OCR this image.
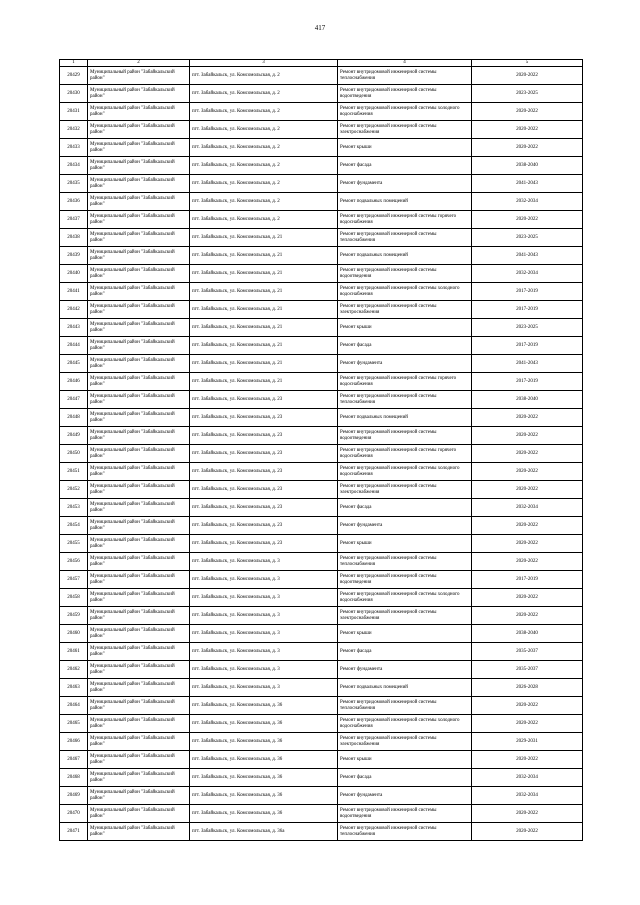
417
1	2	3	4	5
20429	Муниципальный район "Забайкальский район"	пгт. Забайкальск, ул. Комсомольская, д. 2	Ремонт внутридомовой инженерной системы теплоснабжения	2020-2022
20430	Муниципальный район "Забайкальский район"	пгт. Забайкальск, ул. Комсомольская, д. 2	Ремонт внутридомовой инженерной системы водоотведения	2023-2025
20431	Муниципальный район "Забайкальский район"	пгт. Забайкальск, ул. Комсомольская, д. 2	Ремонт внутридомовой инженерной системы холодного водоснабжения	2020-2022
20432	Муниципальный район "Забайкальский район"	пгт. Забайкальск, ул. Комсомольская, д. 2	Ремонт внутридомовой инженерной системы электроснабжения	2020-2022
20433	Муниципальный район "Забайкальский район"	пгт. Забайкальск, ул. Комсомольская, д. 2	Ремонт крыши	2020-2022
20434	Муниципальный район "Забайкальский район"	пгт. Забайкальск, ул. Комсомольская, д. 2	Ремонт фасада	2038-2040
20435	Муниципальный район "Забайкальский район"	пгт. Забайкальск, ул. Комсомольская, д. 2	Ремонт фундамента	2041-2043
20436	Муниципальный район "Забайкальский район"	пгт. Забайкальск, ул. Комсомольская, д. 2	Ремонт подвальных помещений	2032-2034
20437	Муниципальный район "Забайкальский район"	пгт. Забайкальск, ул. Комсомольская, д. 2	Ремонт внутридомовой инженерной системы горячего водоснабжения	2020-2022
20438	Муниципальный район "Забайкальский район"	пгт. Забайкальск, ул. Комсомольская, д. 21	Ремонт внутридомовой инженерной системы теплоснабжения	2023-2025
20439	Муниципальный район "Забайкальский район"	пгт. Забайкальск, ул. Комсомольская, д. 21	Ремонт подвальных помещений	2041-2043
20440	Муниципальный район "Забайкальский район"	пгт. Забайкальск, ул. Комсомольская, д. 21	Ремонт внутридомовой инженерной системы водоотведения	2032-2034
20441	Муниципальный район "Забайкальский район"	пгт. Забайкальск, ул. Комсомольская, д. 21	Ремонт внутридомовой инженерной системы холодного водоснабжения	2017-2019
20442	Муниципальный район "Забайкальский район"	пгт. Забайкальск, ул. Комсомольская, д. 21	Ремонт внутридомовой инженерной системы электроснабжения	2017-2019
20443	Муниципальный район "Забайкальский район"	пгт. Забайкальск, ул. Комсомольская, д. 21	Ремонт крыши	2023-2025
20444	Муниципальный район "Забайкальский район"	пгт. Забайкальск, ул. Комсомольская, д. 21	Ремонт фасада	2017-2019
20445	Муниципальный район "Забайкальский район"	пгт. Забайкальск, ул. Комсомольская, д. 21	Ремонт фундамента	2041-2043
20446	Муниципальный район "Забайкальский район"	пгт. Забайкальск, ул. Комсомольская, д. 21	Ремонт внутридомовой инженерной системы горячего водоснабжения	2017-2019
20447	Муниципальный район "Забайкальский район"	пгт. Забайкальск, ул. Комсомольская, д. 23	Ремонт внутридомовой инженерной системы теплоснабжения	2038-2040
20448	Муниципальный район "Забайкальский район"	пгт. Забайкальск, ул. Комсомольская, д. 23	Ремонт подвальных помещений	2020-2022
20449	Муниципальный район "Забайкальский район"	пгт. Забайкальск, ул. Комсомольская, д. 23	Ремонт внутридомовой инженерной системы водоотведения	2020-2022
20450	Муниципальный район "Забайкальский район"	пгт. Забайкальск, ул. Комсомольская, д. 23	Ремонт внутридомовой инженерной системы горячего водоснабжения	2020-2022
20451	Муниципальный район "Забайкальский район"	пгт. Забайкальск, ул. Комсомольская, д. 23	Ремонт внутридомовой инженерной системы холодного водоснабжения	2020-2022
20452	Муниципальный район "Забайкальский район"	пгт. Забайкальск, ул. Комсомольская, д. 23	Ремонт внутридомовой инженерной системы электроснабжения	2020-2022
20453	Муниципальный район "Забайкальский район"	пгт. Забайкальск, ул. Комсомольская, д. 23	Ремонт фасада	2032-2034
20454	Муниципальный район "Забайкальский район"	пгт. Забайкальск, ул. Комсомольская, д. 23	Ремонт фундамента	2020-2022
20455	Муниципальный район "Забайкальский район"	пгт. Забайкальск, ул. Комсомольская, д. 23	Ремонт крыши	2020-2022
20456	Муниципальный район "Забайкальский район"	пгт. Забайкальск, ул. Комсомольская, д. 3	Ремонт внутридомовой инженерной системы теплоснабжения	2020-2022
20457	Муниципальный район "Забайкальский район"	пгт. Забайкальск, ул. Комсомольская, д. 3	Ремонт внутридомовой инженерной системы водоотведения	2017-2019
20458	Муниципальный район "Забайкальский район"	пгт. Забайкальск, ул. Комсомольская, д. 3	Ремонт внутридомовой инженерной системы холодного водоснабжения	2020-2022
20459	Муниципальный район "Забайкальский район"	пгт. Забайкальск, ул. Комсомольская, д. 3	Ремонт внутридомовой инженерной системы электроснабжения	2020-2022
20460	Муниципальный район "Забайкальский район"	пгт. Забайкальск, ул. Комсомольская, д. 3	Ремонт крыши	2038-2040
20461	Муниципальный район "Забайкальский район"	пгт. Забайкальск, ул. Комсомольская, д. 3	Ремонт фасада	2035-2037
20462	Муниципальный район "Забайкальский район"	пгт. Забайкальск, ул. Комсомольская, д. 3	Ремонт фундамента	2035-2037
20463	Муниципальный район "Забайкальский район"	пгт. Забайкальск, ул. Комсомольская, д. 3	Ремонт подвальных помещений	2026-2028
20464	Муниципальный район "Забайкальский район"	пгт. Забайкальск, ул. Комсомольская, д. 36	Ремонт внутридомовой инженерной системы теплоснабжения	2020-2022
20465	Муниципальный район "Забайкальский район"	пгт. Забайкальск, ул. Комсомольская, д. 36	Ремонт внутридомовой инженерной системы холодного водоснабжения	2020-2022
20466	Муниципальный район "Забайкальский район"	пгт. Забайкальск, ул. Комсомольская, д. 36	Ремонт внутридомовой инженерной системы электроснабжения	2029-2031
20467	Муниципальный район "Забайкальский район"	пгт. Забайкальск, ул. Комсомольская, д. 36	Ремонт крыши	2020-2022
20468	Муниципальный район "Забайкальский район"	пгт. Забайкальск, ул. Комсомольская, д. 36	Ремонт фасада	2032-2034
20469	Муниципальный район "Забайкальский район"	пгт. Забайкальск, ул. Комсомольская, д. 36	Ремонт фундамента	2032-2034
20470	Муниципальный район "Забайкальский район"	пгт. Забайкальск, ул. Комсомольская, д. 36	Ремонт внутридомовой инженерной системы водоотведения	2020-2022
20471	Муниципальный район "Забайкальский район"	пгт. Забайкальск, ул. Комсомольская, д. 36а	Ремонт внутридомовой инженерной системы теплоснабжения	2020-2022
